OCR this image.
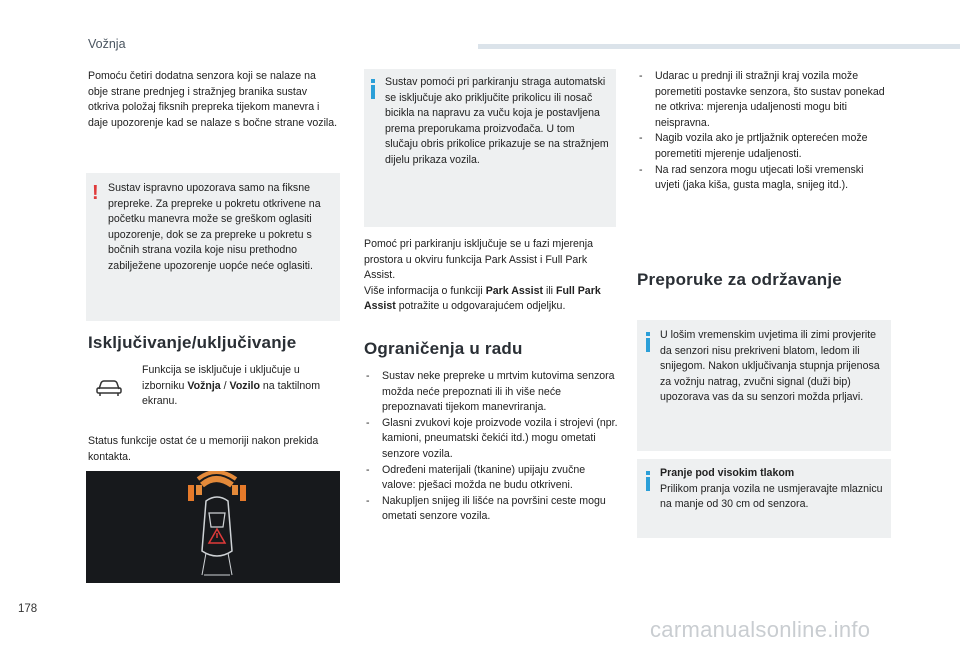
Vožnja
Pomoću četiri dodatna senzora koji se nalaze na obje strane prednjeg i stražnjeg branika sustav otkriva položaj fiksnih prepreka tijekom manevra i daje upozorenje kad se nalaze s bočne strane vozila.
! Sustav ispravno upozorava samo na fiksne prepreke. Za prepreke u pokretu otkrivene na početku manevra može se greškom oglasiti upozorenje, dok se za prepreke u pokretu s bočnih strana vozila koje nisu prethodno zabilježene upozorenje uopće neće oglasiti.
Isključivanje/uključivanje
Funkcija se isključuje i uključuje u izborniku Vožnja / Vozilo na taktilnom ekranu.
Status funkcije ostat će u memoriji nakon prekida kontakta.
Sustav pomoći pri parkiranju straga automatski se isključuje ako priključite prikolicu ili nosač bicikla na napravu za vuču koja je postavljena prema preporukama proizvođača. U tom slučaju obris prikolice prikazuje se na stražnjem dijelu prikaza vozila.
Pomoć pri parkiranju isključuje se u fazi mjerenja prostora u okviru funkcija Park Assist i Full Park Assist.
Više informacija o funkciji Park Assist ili Full Park Assist potražite u odgovarajućem odjeljku.
Ograničenja u radu
- Sustav neke prepreke u mrtvim kutovima senzora možda neće prepoznati ili ih više neće prepoznavati tijekom manevriranja.
- Glasni zvukovi koje proizvode vozila i strojevi (npr. kamioni, pneumatski čekići itd.) mogu ometati senzore vozila.
- Određeni materijali (tkanine) upijaju zvučne valove: pješaci možda ne budu otkriveni.
- Nakupljen snijeg ili lišće na površini ceste mogu ometati senzore vozila.
- Udarac u prednji ili stražnji kraj vozila može poremetiti postavke senzora, što sustav ponekad ne otkriva: mjerenja udaljenosti mogu biti neispravna.
- Nagib vozila ako je prtljažnik opterećen može poremetiti mjerenje udaljenosti.
- Na rad senzora mogu utjecati loši vremenski uvjeti (jaka kiša, gusta magla, snijeg itd.).
Preporuke za održavanje
U lošim vremenskim uvjetima ili zimi provjerite da senzori nisu prekriveni blatom, ledom ili snijegom. Nakon uključivanja stupnja prijenosa za vožnju natrag, zvučni signal (duži bip) upozorava vas da su senzori možda prljavi.
Pranje pod visokim tlakom
Prilikom pranja vozila ne usmjeravajte mlaznicu na manje od 30 cm od senzora.
178
carmanualsonline.info
